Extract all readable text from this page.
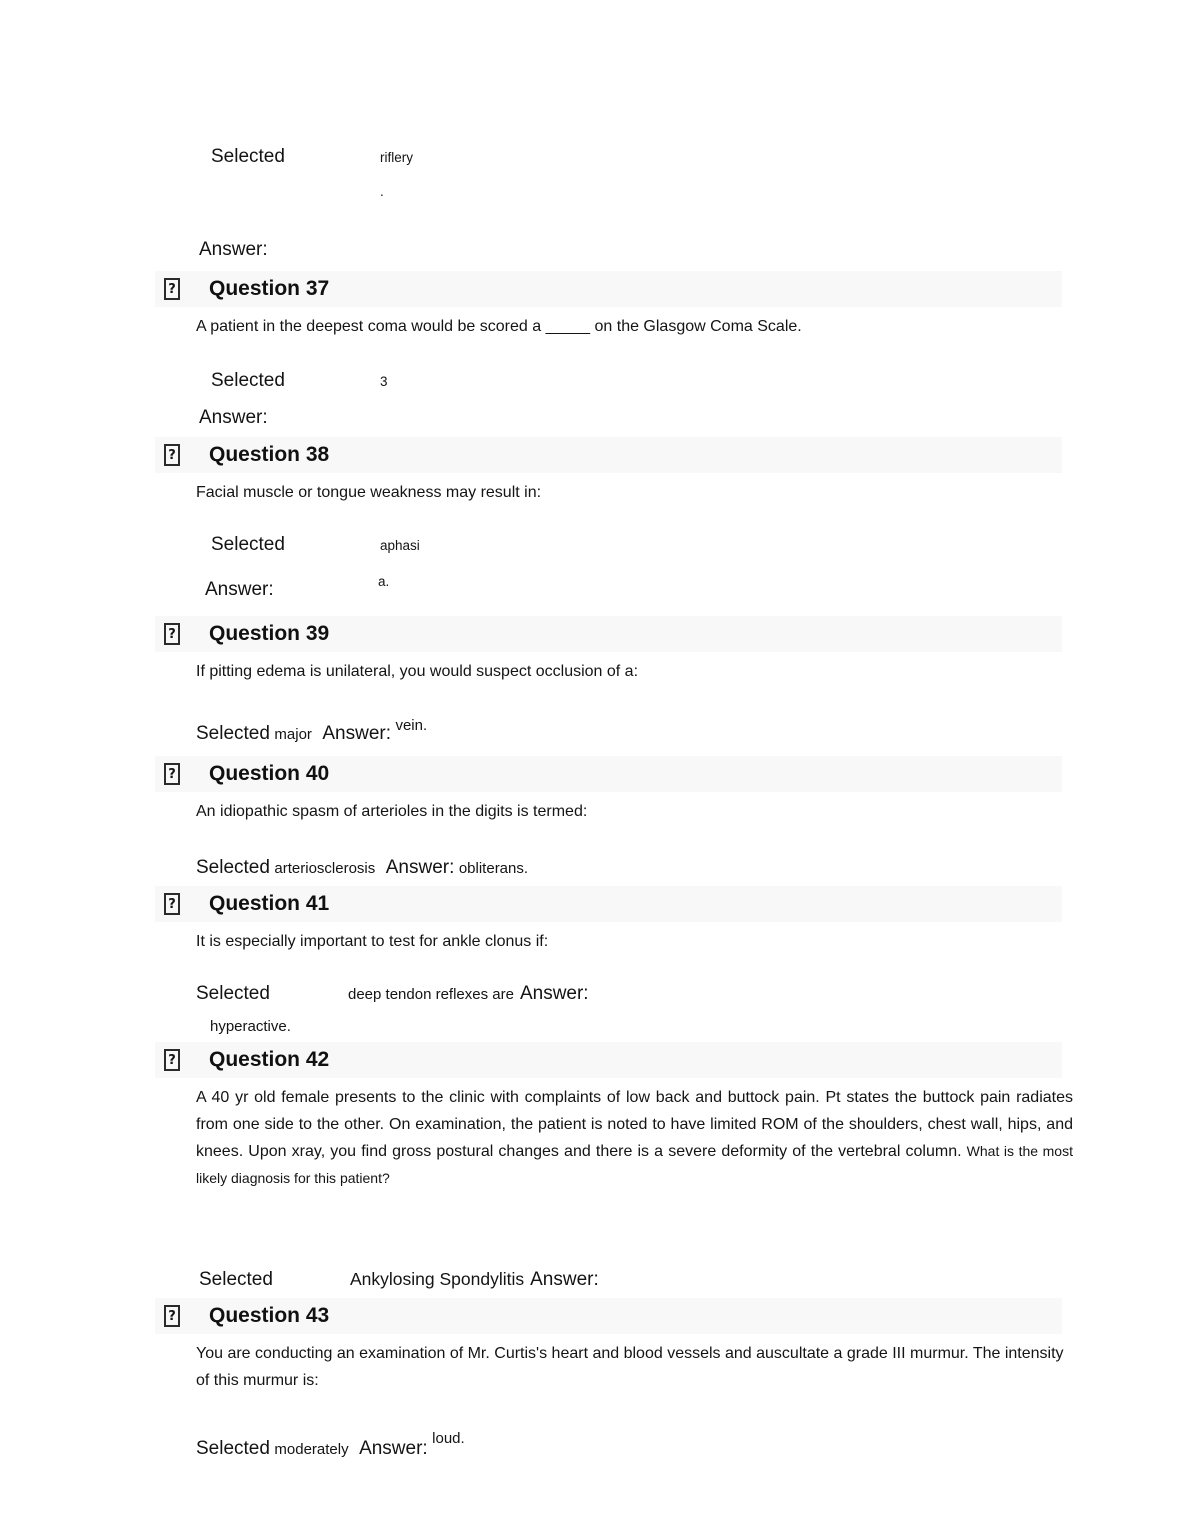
Selected	riflery
.
Answer:
? Question 37

A patient in the deepest coma would be scored a _____ on the Glasgow Coma Scale.

Selected	3
Answer:
? Question 38

Facial muscle or tongue weakness may result in:

Selected	aphasi
Answer:	$^{a.}$
? Question 39

If pitting edema is unilateral, you would suspect occlusion of a:

Selected major Answer: vein.
? Question 40

An idiopathic spasm of arterioles in the digits is termed:

Selected arteriosclerosis Answer: obliterans.
? Question 41

It is especially important to test for ankle clonus if:

Selected	deep tendon reflexes are Answer:
hyperactive.
? Question 42

A 40 yr old female presents to the clinic with complaints of low back and buttock pain. Pt states the buttock pain radiates from one side to the other. On examination, the patient is noted to have limited ROM of the shoulders, chest wall, hips, and knees. Upon xray, you find gross postural changes and there is a severe deformity of the vertebral column. What is the most likely diagnosis for this patient?

Selected	Ankylosing Spondylitis Answer:
? Question 43

You are conducting an examination of Mr. Curtis's heart and blood vessels and auscultate a grade III murmur. The intensity of this murmur is:

Selected moderately Answer: loud.
